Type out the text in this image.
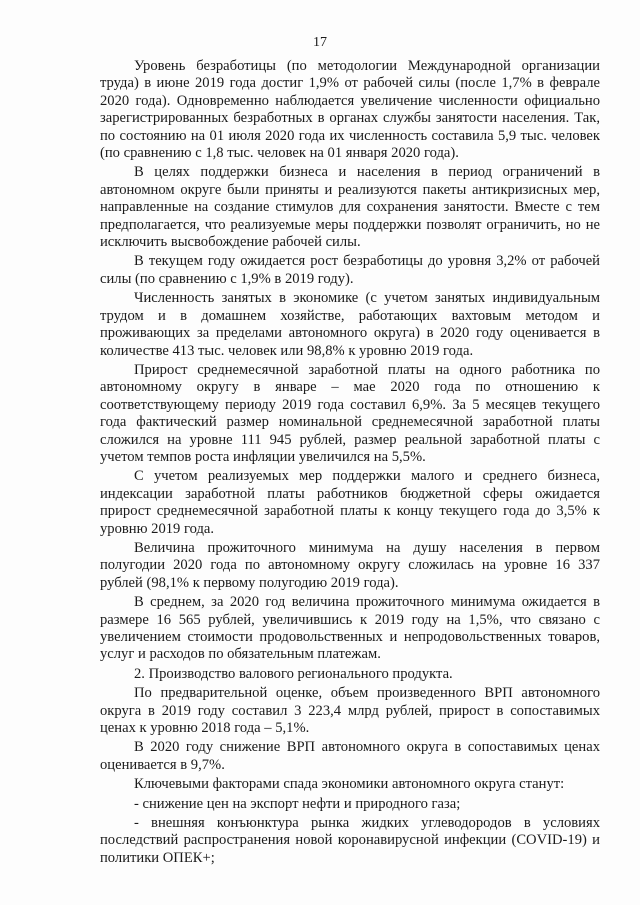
17

Уровень безработицы (по методологии Международной организации труда) в июне 2019 года достиг 1,9% от рабочей силы (после 1,7% в феврале 2020 года). Одновременно наблюдается увеличение численности официально зарегистрированных безработных в органах службы занятости населения. Так, по состоянию на 01 июля 2020 года их численность составила 5,9 тыс. человек (по сравнению с 1,8 тыс. человек на 01 января 2020 года).

В целях поддержки бизнеса и населения в период ограничений в автономном округе были приняты и реализуются пакеты антикризисных мер, направленные на создание стимулов для сохранения занятости. Вместе с тем предполагается, что реализуемые меры поддержки позволят ограничить, но не исключить высвобождение рабочей силы.

В текущем году ожидается рост безработицы до уровня 3,2% от рабочей силы (по сравнению с 1,9% в 2019 году).

Численность занятых в экономике (с учетом занятых индивидуальным трудом и в домашнем хозяйстве, работающих вахтовым методом и проживающих за пределами автономного округа) в 2020 году оценивается в количестве 413 тыс. человек или 98,8% к уровню 2019 года.

Прирост среднемесячной заработной платы на одного работника по автономному округу в январе – мае 2020 года по отношению к соответствующему периоду 2019 года составил 6,9%. За 5 месяцев текущего года фактический размер номинальной среднемесячной заработной платы сложился на уровне 111 945 рублей, размер реальной заработной платы с учетом темпов роста инфляции увеличился на 5,5%.

С учетом реализуемых мер поддержки малого и среднего бизнеса, индексации заработной платы работников бюджетной сферы ожидается прирост среднемесячной заработной платы к концу текущего года до 3,5% к уровню 2019 года.

Величина прожиточного минимума на душу населения в первом полугодии 2020 года по автономному округу сложилась на уровне 16 337 рублей (98,1% к первому полугодию 2019 года).

В среднем, за 2020 год величина прожиточного минимума ожидается в размере 16 565 рублей, увеличившись к 2019 году на 1,5%, что связано с увеличением стоимости продовольственных и непродовольственных товаров, услуг и расходов по обязательным платежам.

2. Производство валового регионального продукта.

По предварительной оценке, объем произведенного ВРП автономного округа в 2019 году составил 3 223,4 млрд рублей, прирост в сопоставимых ценах к уровню 2018 года – 5,1%.

В 2020 году снижение ВРП автономного округа в сопоставимых ценах оценивается в 9,7%.

Ключевыми факторами спада экономики автономного округа станут:

- снижение цен на экспорт нефти и природного газа;

- внешняя конъюнктура рынка жидких углеводородов в условиях последствий распространения новой коронавирусной инфекции (COVID-19) и политики ОПЕК+;
